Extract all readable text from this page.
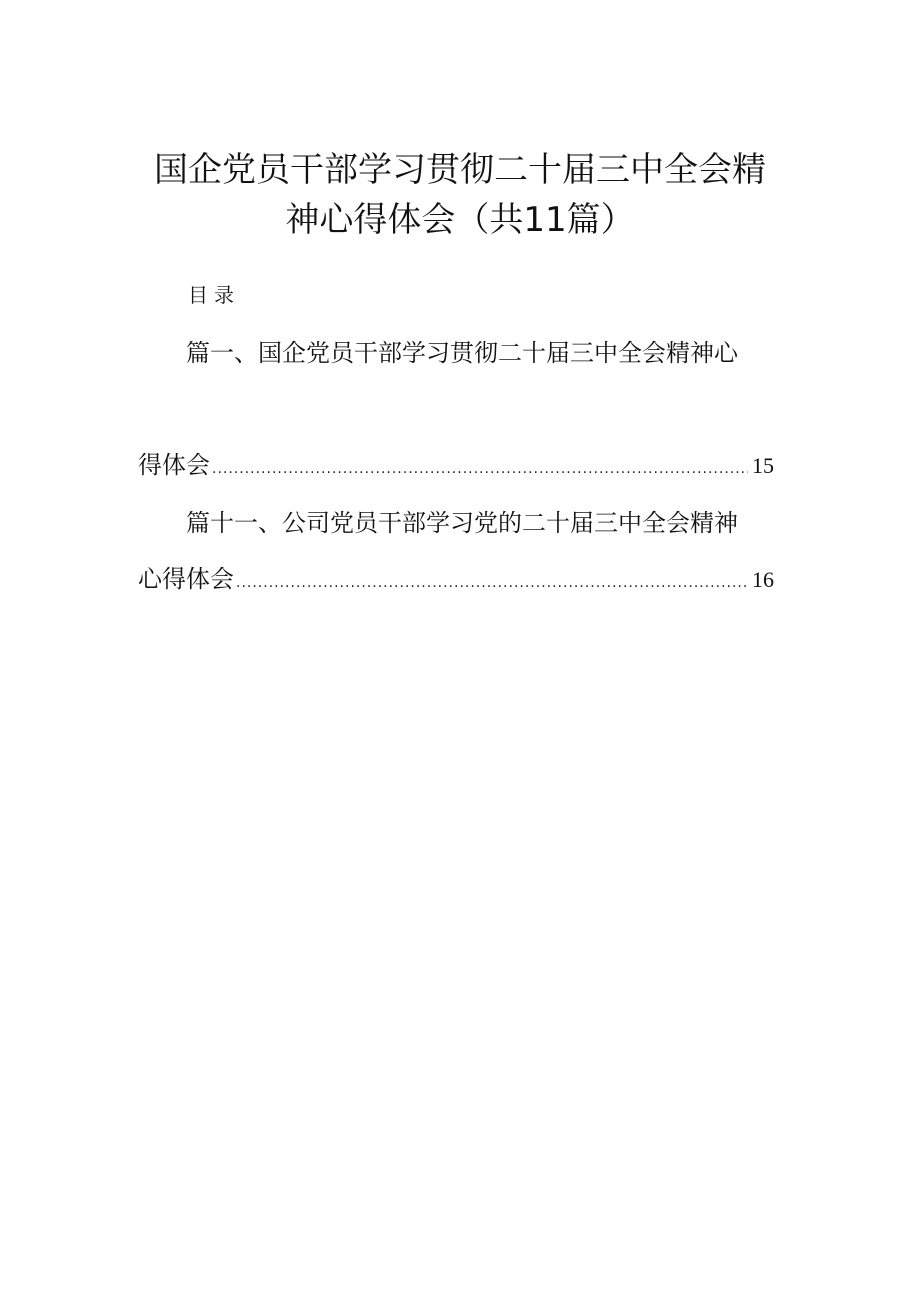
国企党员干部学习贯彻二十届三中全会精
神心得体会（共11篇）
目录
篇一、国企党员干部学习贯彻二十届三中全会精神心
得体会 .....	15
篇十一、公司党员干部学习党的二十届三中全会精神
心得体会 .....	16
